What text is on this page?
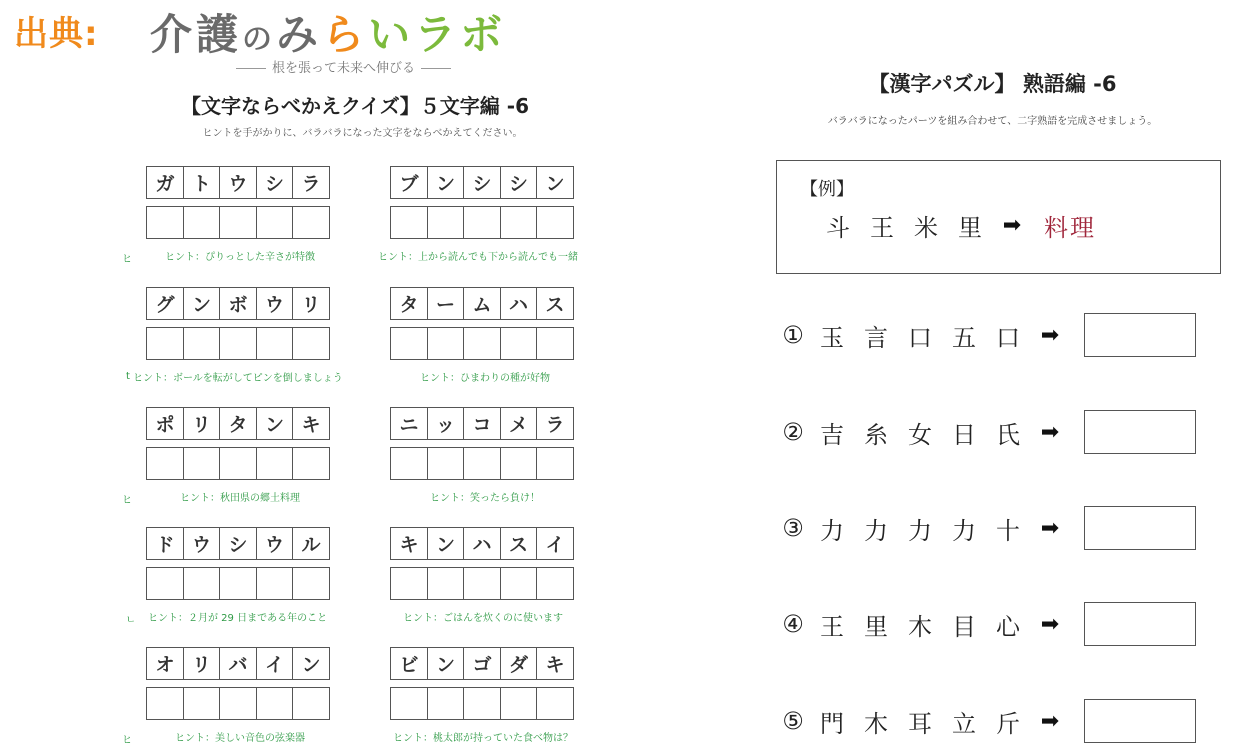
出典: 介護のみらいラボ
根を張って未来へ伸びる
【文字ならべかえクイズ】５文字編 -6
ヒントを手がかりに、バラバラになった文字をならべかえてください。
ガ ト ウ シ ラ
ヒント：ぴりっとした辛さが特徴
ヒ
ブ ン シ シ ン
ヒント：上から読んでも下から読んでも一緒
グ ン ボ ウ リ
ヒント：ボールを転がしてピンを倒しましょう
t
タ ー ム ハ ス
ヒント：ひまわりの種が好物
ポ リ タ ン キ
ヒント：秋田県の郷土料理
ヒ
ニ ッ コ メ ラ
ヒント：笑ったら負け！
ド ウ シ ウ ル
ヒント：２月が 29 日まである年のこと
ㄴ
キ ン ハ ス イ
ヒント：ごはんを炊くのに使います
オ リ バ イ ン
ヒント：美しい音色の弦楽器
ヒ
ビ ン ゴ ダ キ
ヒント：桃太郎が持っていた食べ物は？
【漢字パズル】 熟語編 -6
バラバラになったパーツを組み合わせて、二字熟語を完成させましょう。
【例】
斗 王 米 里 ➡ 料理
① 玉 言 口 五 口 ➡
② 吉 糸 女 日 氏 ➡
③ 力 力 力 力 十 ➡
④ 王 里 木 目 心 ➡
⑤ 門 木 耳 立 斤 ➡
